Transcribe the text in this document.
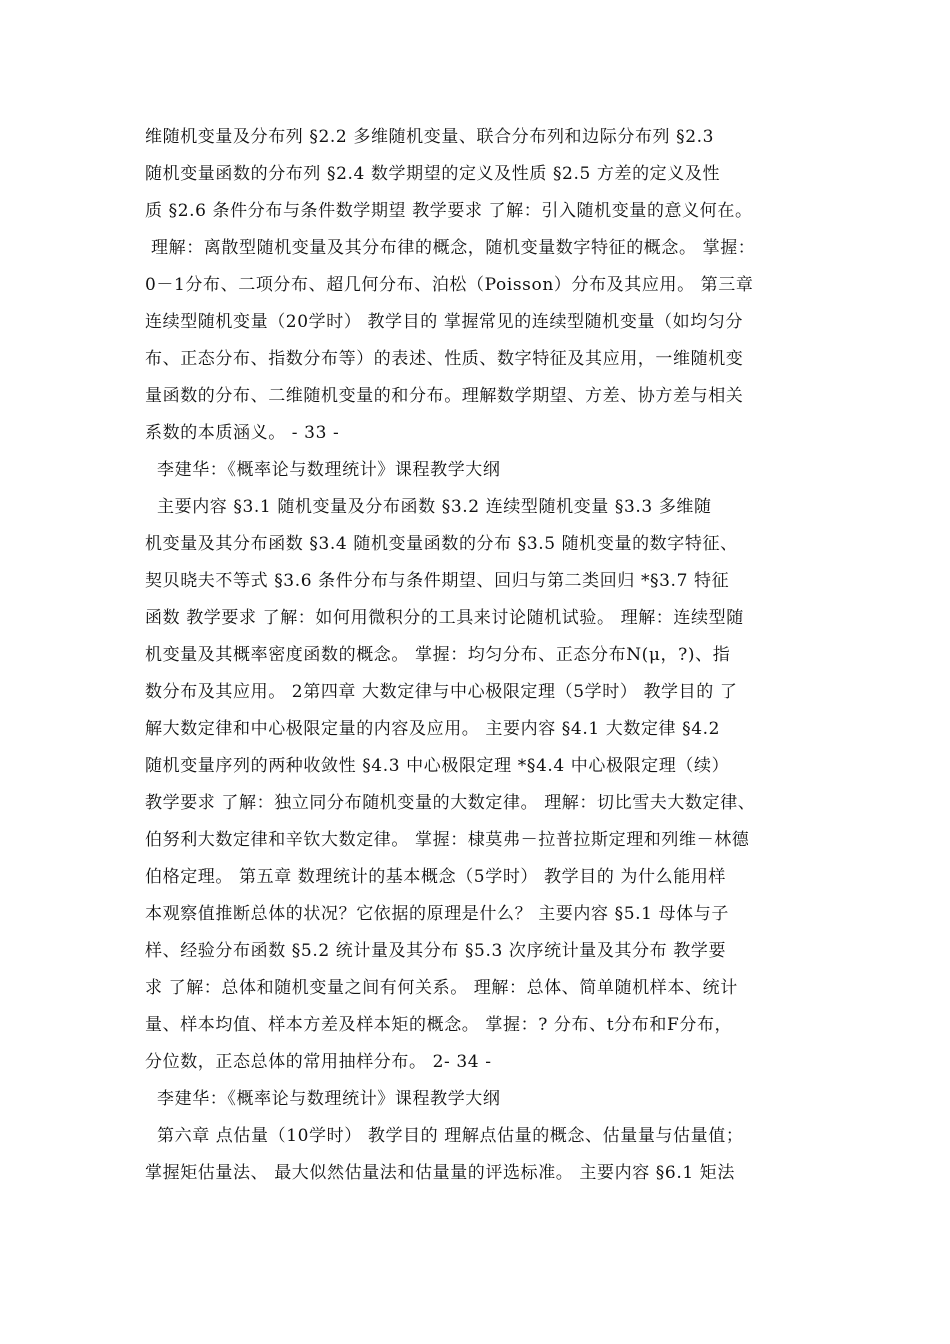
维随机变量及分布列 §2.2 多维随机变量、联合分布列和边际分布列 §2.3
随机变量函数的分布列 §2.4 数学期望的定义及性质 §2.5 方差的定义及性
质 §2.6 条件分布与条件数学期望 教学要求 了解：引入随机变量的意义何在。
理解：离散型随机变量及其分布律的概念，随机变量数字特征的概念。 掌握：
0－1分布、二项分布、超几何分布、泊松（Poisson）分布及其应用。 第三章
连续型随机变量（20学时） 教学目的 掌握常见的连续型随机变量（如均匀分
布、正态分布、指数分布等）的表述、性质、数字特征及其应用，一维随机变
量函数的分布、二维随机变量的和分布。理解数学期望、方差、协方差与相关
系数的本质涵义。 - 33 -
李建华：《概率论与数理统计》课程教学大纲
主要内容 §3.1 随机变量及分布函数 §3.2 连续型随机变量 §3.3 多维随
机变量及其分布函数 §3.4 随机变量函数的分布 §3.5 随机变量的数字特征、
契贝晓夫不等式 §3.6 条件分布与条件期望、回归与第二类回归 *§3.7 特征
函数 教学要求 了解：如何用微积分的工具来讨论随机试验。 理解：连续型随
机变量及其概率密度函数的概念。 掌握：均匀分布、正态分布N(μ，?)、指
数分布及其应用。 2第四章 大数定律与中心极限定理（5学时） 教学目的 了
解大数定律和中心极限定量的内容及应用。 主要内容 §4.1 大数定律 §4.2
随机变量序列的两种收敛性 §4.3 中心极限定理 *§4.4 中心极限定理（续）
教学要求 了解：独立同分布随机变量的大数定律。 理解：切比雪夫大数定律、
伯努利大数定律和辛钦大数定律。 掌握：棣莫弗－拉普拉斯定理和列维－林德
伯格定理。 第五章 数理统计的基本概念（5学时） 教学目的 为什么能用样
本观察值推断总体的状况？它依据的原理是什么？ 主要内容 §5.1 母体与子
样、经验分布函数 §5.2 统计量及其分布 §5.3 次序统计量及其分布 教学要
求 了解：总体和随机变量之间有何关系。 理解：总体、简单随机样本、统计
量、样本均值、样本方差及样本矩的概念。 掌握：? 分布、t分布和F分布，
分位数，正态总体的常用抽样分布。 2- 34 -
李建华：《概率论与数理统计》课程教学大纲
第六章 点估量（10学时） 教学目的 理解点估量的概念、估量量与估量值；
掌握矩估量法、 最大似然估量法和估量量的评选标准。 主要内容 §6.1 矩法
